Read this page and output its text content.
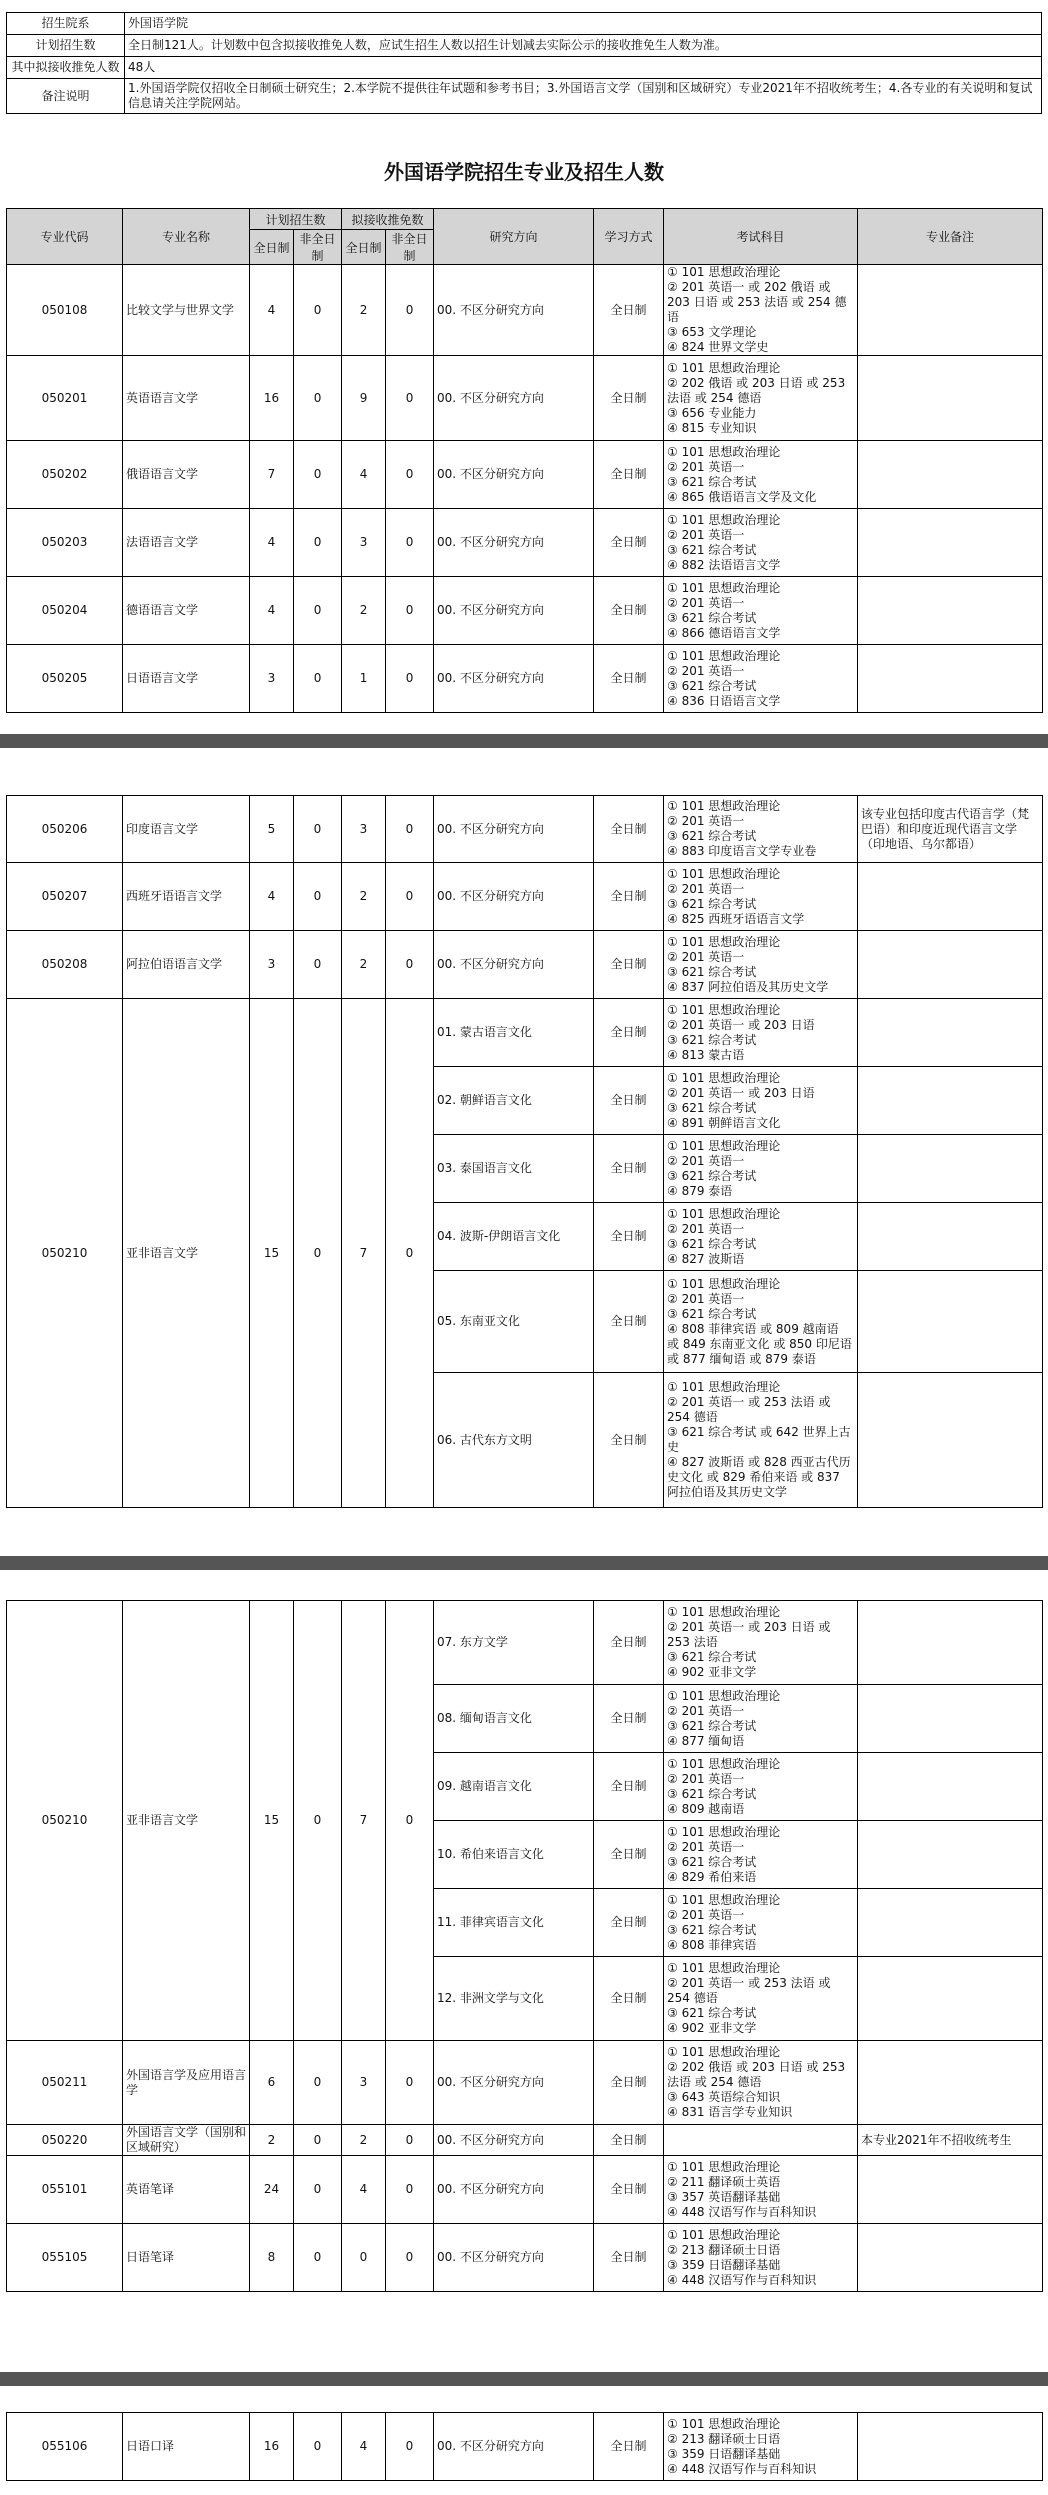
招生院系	外国语学院
计划招生数	全日制121人。计划数中包含拟接收推免人数，应试生招生人数以招生计划减去实际公示的接收推免生人数为准。
其中拟接收推免人数	48人
备注说明	1.外国语学院仅招收全日制硕士研究生；2.本学院不提供往年试题和参考书目；3.外国语言文学（国别和区域研究）专业2021年不招收统考生；4.各专业的有关说明和复试信息请关注学院网站。
外国语学院招生专业及招生人数
专业代码	专业名称	计划招生数		拟接收推免数		研究方向	学习方式	考试科目	专业备注
		全日制	非全日制	全日制	非全日制				
050108	比较文学与世界文学	4	0	2	0	00. 不区分研究方向	全日制	① 101 思想政治理论
② 201 英语一 或 202 俄语 或 203 日语 或 253 法语 或 254 德语
③ 653 文学理论
④ 824 世界文学史	
050201	英语语言文学	16	0	9	0	00. 不区分研究方向	全日制	① 101 思想政治理论
② 202 俄语 或 203 日语 或 253 法语 或 254 德语
③ 656 专业能力
④ 815 专业知识	
050202	俄语语言文学	7	0	4	0	00. 不区分研究方向	全日制	① 101 思想政治理论
② 201 英语一
③ 621 综合考试
④ 865 俄语语言文学及文化	
050203	法语语言文学	4	0	3	0	00. 不区分研究方向	全日制	① 101 思想政治理论
② 201 英语一
③ 621 综合考试
④ 882 法语语言文学	
050204	德语语言文学	4	0	2	0	00. 不区分研究方向	全日制	① 101 思想政治理论
② 201 英语一
③ 621 综合考试
④ 866 德语语言文学	
050205	日语语言文学	3	0	1	0	00. 不区分研究方向	全日制	① 101 思想政治理论
② 201 英语一
③ 621 综合考试
④ 836 日语语言文学	
050206	印度语言文学	5	0	3	0	00. 不区分研究方向	全日制	① 101 思想政治理论
② 201 英语一
③ 621 综合考试
④ 883 印度语言文学专业卷	该专业包括印度古代语言学（梵巴语）和印度近现代语言文学（印地语、乌尔都语）
050207	西班牙语语言文学	4	0	2	0	00. 不区分研究方向	全日制	① 101 思想政治理论
② 201 英语一
③ 621 综合考试
④ 825 西班牙语语言文学	
050208	阿拉伯语语言文学	3	0	2	0	00. 不区分研究方向	全日制	① 101 思想政治理论
② 201 英语一
③ 621 综合考试
④ 837 阿拉伯语及其历史文学	
050210	亚非语言文学	15	0	7	0	01. 蒙古语言文化	全日制	① 101 思想政治理论
② 201 英语一 或 203 日语
③ 621 综合考试
④ 813 蒙古语	
						02. 朝鲜语言文化	全日制	① 101 思想政治理论
② 201 英语一 或 203 日语
③ 621 综合考试
④ 891 朝鲜语言文化	
						03. 泰国语言文化	全日制	① 101 思想政治理论
② 201 英语一
③ 621 综合考试
④ 879 泰语	
						04. 波斯-伊朗语言文化	全日制	① 101 思想政治理论
② 201 英语一
③ 621 综合考试
④ 827 波斯语	
						05. 东南亚文化	全日制	① 101 思想政治理论
② 201 英语一
③ 621 综合考试
④ 808 菲律宾语 或 809 越南语 或 849 东南亚文化 或 850 印尼语 或 877 缅甸语 或 879 泰语	
						06. 古代东方文明	全日制	① 101 思想政治理论
② 201 英语一 或 253 法语 或 254 德语
③ 621 综合考试 或 642 世界上古史
④ 827 波斯语 或 828 西亚古代历史文化 或 829 希伯来语 或 837 阿拉伯语及其历史文学	
050210	亚非语言文学	15	0	7	0	07. 东方文学	全日制	① 101 思想政治理论
② 201 英语一 或 203 日语 或 253 法语
③ 621 综合考试
④ 902 亚非文学	
						08. 缅甸语言文化	全日制	① 101 思想政治理论
② 201 英语一
③ 621 综合考试
④ 877 缅甸语	
						09. 越南语言文化	全日制	① 101 思想政治理论
② 201 英语一
③ 621 综合考试
④ 809 越南语	
						10. 希伯来语言文化	全日制	① 101 思想政治理论
② 201 英语一
③ 621 综合考试
④ 829 希伯来语	
						11. 菲律宾语言文化	全日制	① 101 思想政治理论
② 201 英语一
③ 621 综合考试
④ 808 菲律宾语	
						12. 非洲文学与文化	全日制	① 101 思想政治理论
② 201 英语一 或 253 法语 或 254 德语
③ 621 综合考试
④ 902 亚非文学	
050211	外国语言学及应用语言学	6	0	3	0	00. 不区分研究方向	全日制	① 101 思想政治理论
② 202 俄语 或 203 日语 或 253 法语 或 254 德语
③ 643 英语综合知识
④ 831 语言学专业知识	
050220	外国语言文学（国别和区域研究）	2	0	2	0	00. 不区分研究方向	全日制		本专业2021年不招收统考生
055101	英语笔译	24	0	4	0	00. 不区分研究方向	全日制	① 101 思想政治理论
② 211 翻译硕士英语
③ 357 英语翻译基础
④ 448 汉语写作与百科知识	
055105	日语笔译	8	0	0	0	00. 不区分研究方向	全日制	① 101 思想政治理论
② 213 翻译硕士日语
③ 359 日语翻译基础
④ 448 汉语写作与百科知识	
055106	日语口译	16	0	4	0	00. 不区分研究方向	全日制	① 101 思想政治理论
② 213 翻译硕士日语
③ 359 日语翻译基础
④ 448 汉语写作与百科知识	
